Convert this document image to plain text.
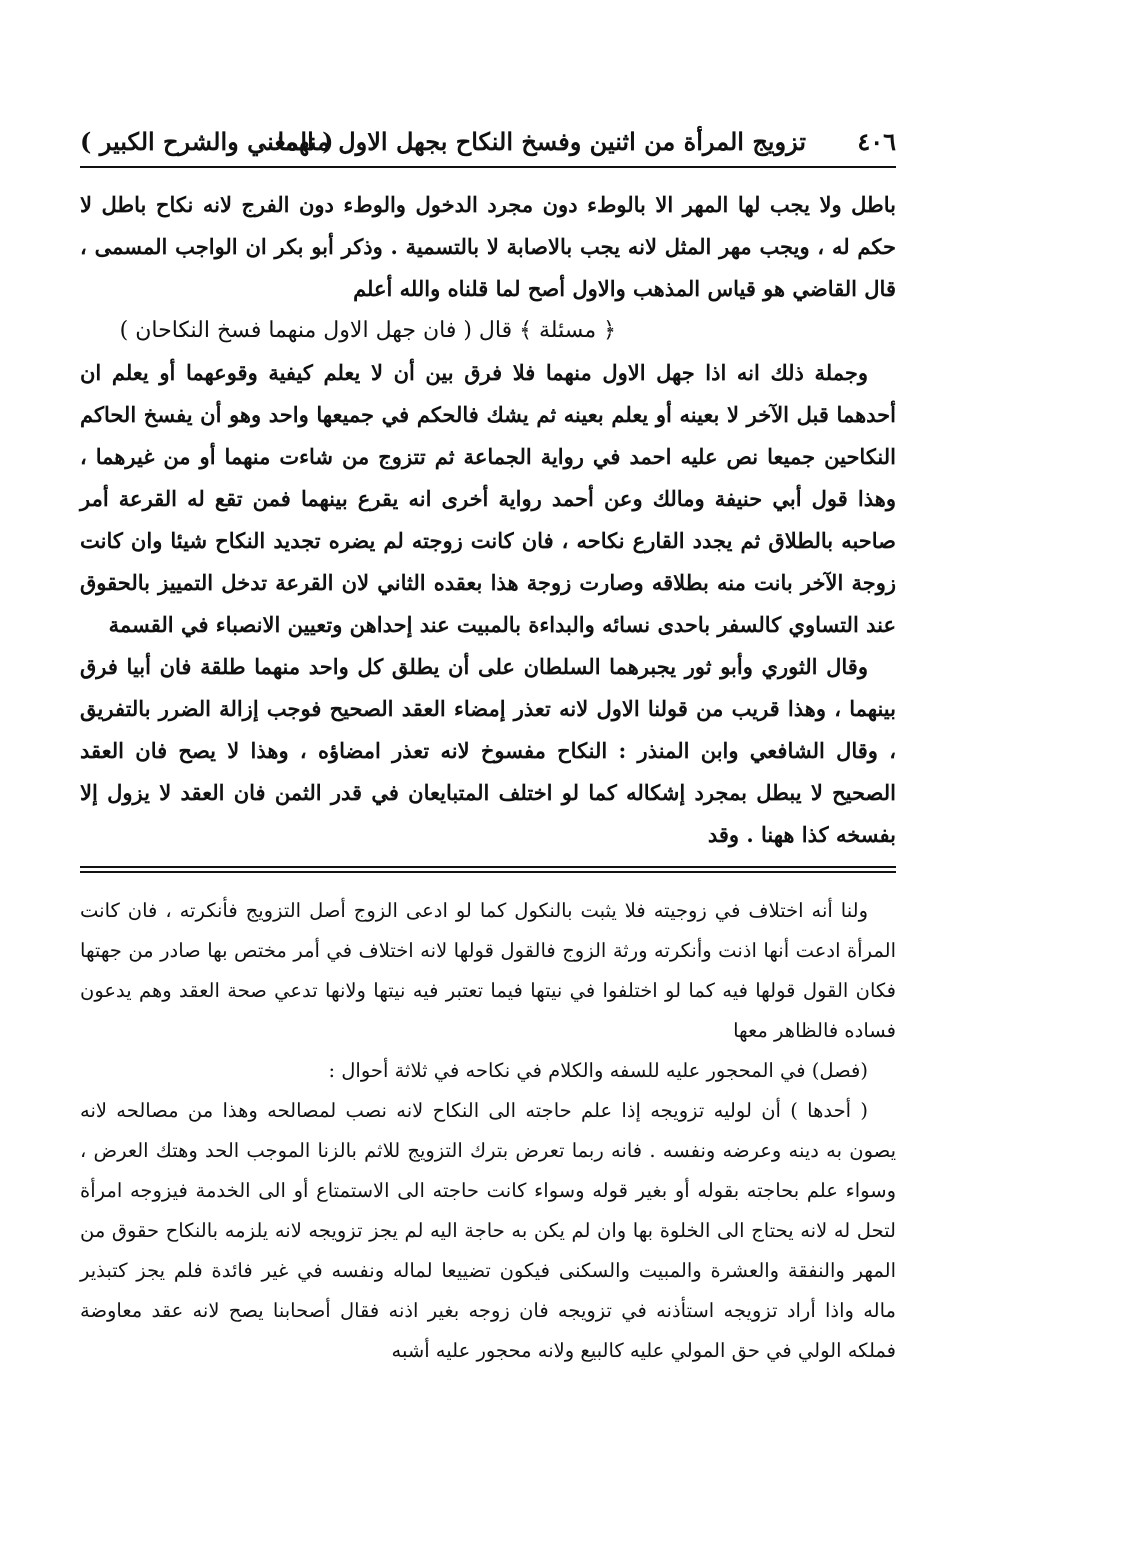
٤٠٦
تزويج المرأة من اثنين وفسخ النكاح بجهل الاول منهما
( المغني والشرح الكبير )

باطل ولا يجب لها المهر الا بالوطء دون مجرد الدخول والوطء دون الفرج لانه نكاح باطل لا حكم له ، ويجب مهر المثل لانه يجب بالاصابة لا بالتسمية . وذكر أبو بكر ان الواجب المسمى ، قال القاضي هو قياس المذهب والاول أصح لما قلناه والله أعلم

﴿ مسئلة ﴾ قال ( فان جهل الاول منهما فسخ النكاحان )

وجملة ذلك انه اذا جهل الاول منهما فلا فرق بين أن لا يعلم كيفية وقوعهما أو يعلم ان أحدهما قبل الآخر لا بعينه أو يعلم بعينه ثم يشك فالحكم في جميعها واحد وهو أن يفسخ الحاكم النكاحين جميعا نص عليه احمد في رواية الجماعة ثم تتزوج من شاءت منهما أو من غيرهما ، وهذا قول أبي حنيفة ومالك وعن أحمد رواية أخرى انه يقرع بينهما فمن تقع له القرعة أمر صاحبه بالطلاق ثم يجدد القارع نكاحه ، فان كانت زوجته لم يضره تجديد النكاح شيئا وان كانت زوجة الآخر بانت منه بطلاقه وصارت زوجة هذا بعقده الثاني لان القرعة تدخل التمييز بالحقوق عند التساوي كالسفر باحدى نسائه والبداءة بالمبيت عند إحداهن وتعيين الانصباء في القسمة

وقال الثوري وأبو ثور يجبرهما السلطان على أن يطلق كل واحد منهما طلقة فان أبيا فرق بينهما ، وهذا قريب من قولنا الاول لانه تعذر إمضاء العقد الصحيح فوجب إزالة الضرر بالتفريق ، وقال الشافعي وابن المنذر : النكاح مفسوخ لانه تعذر امضاؤه ، وهذا لا يصح فان العقد الصحيح لا يبطل بمجرد إشكاله كما لو اختلف المتبايعان في قدر الثمن فان العقد لا يزول إلا بفسخه كذا ههنا . وقد

ولنا أنه اختلاف في زوجيته فلا يثبت بالنكول كما لو ادعى الزوج أصل التزويج فأنكرته ، فان كانت المرأة ادعت أنها اذنت وأنكرته ورثة الزوج فالقول قولها لانه اختلاف في أمر مختص بها صادر من جهتها فكان القول قولها فيه كما لو اختلفوا في نيتها فيما تعتبر فيه نيتها ولانها تدعي صحة العقد وهم يدعون فساده فالظاهر معها

(فصل) في المحجور عليه للسفه والكلام في نكاحه في ثلاثة أحوال :

( أحدها ) أن لوليه تزويجه إذا علم حاجته الى النكاح لانه نصب لمصالحه وهذا من مصالحه لانه يصون به دينه وعرضه ونفسه . فانه ربما تعرض بترك التزويج للاثم بالزنا الموجب الحد وهتك العرض ، وسواء علم بحاجته بقوله أو بغير قوله وسواء كانت حاجته الى الاستمتاع أو الى الخدمة فيزوجه امرأة لتحل له لانه يحتاج الى الخلوة بها وان لم يكن به حاجة اليه لم يجز تزويجه لانه يلزمه بالنكاح حقوق من المهر والنفقة والعشرة والمبيت والسكنى فيكون تضييعا لماله ونفسه في غير فائدة فلم يجز كتبذير ماله واذا أراد تزويجه استأذنه في تزويجه فان زوجه بغير اذنه فقال أصحابنا يصح لانه عقد معاوضة فملكه الولي في حق المولي عليه كالبيع ولانه محجور عليه أشبه
